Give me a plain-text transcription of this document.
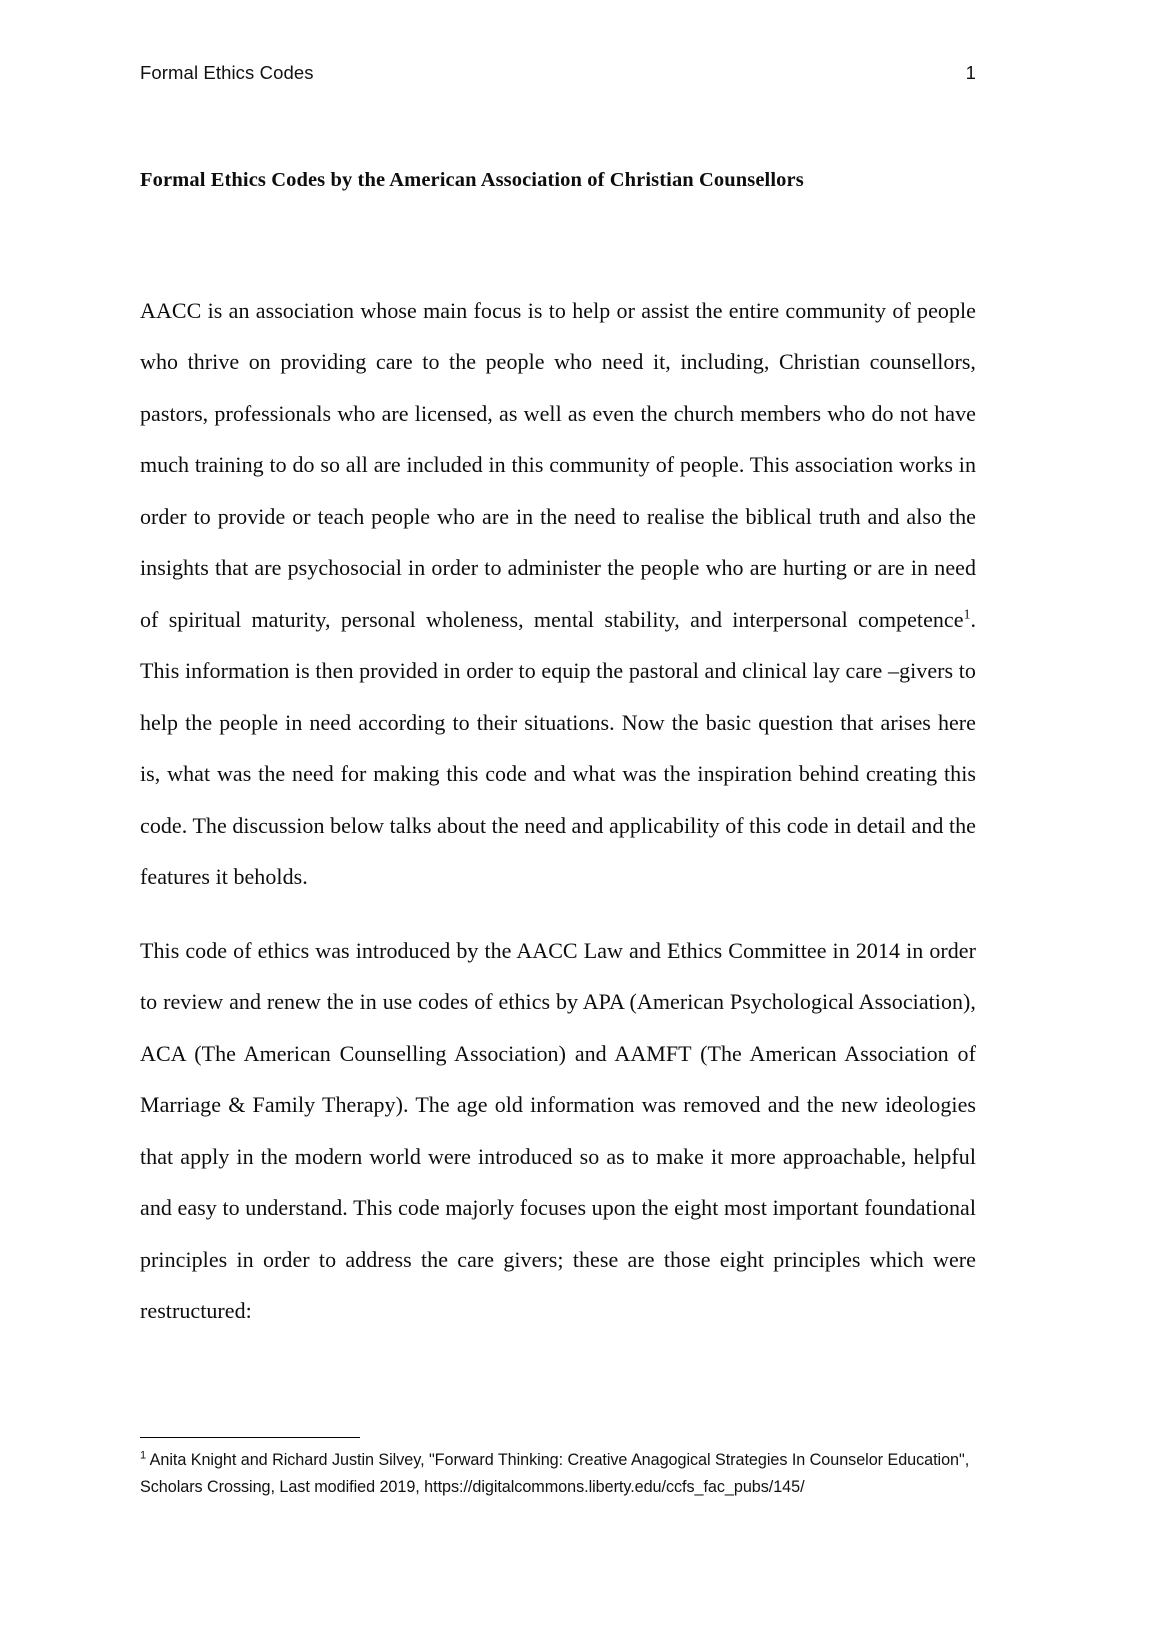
Formal Ethics Codes	1
Formal Ethics Codes by the American Association of Christian Counsellors

AACC is an association whose main focus is to help or assist the entire community of people who thrive on providing care to the people who need it, including, Christian counsellors, pastors, professionals who are licensed, as well as even the church members who do not have much training to do so all are included in this community of people. This association works in order to provide or teach people who are in the need to realise the biblical truth and also the insights that are psychosocial in order to administer the people who are hurting or are in need of spiritual maturity, personal wholeness, mental stability, and interpersonal competence$^1$. This information is then provided in order to equip the pastoral and clinical lay care –givers to help the people in need according to their situations. Now the basic question that arises here is, what was the need for making this code and what was the inspiration behind creating this code. The discussion below talks about the need and applicability of this code in detail and the features it beholds.

This code of ethics was introduced by the AACC Law and Ethics Committee in 2014 in order to review and renew the in use codes of ethics by APA (American Psychological Association), ACA (The American Counselling Association) and AAMFT (The American Association of Marriage & Family Therapy). The age old information was removed and the new ideologies that apply in the modern world were introduced so as to make it more approachable, helpful and easy to understand. This code majorly focuses upon the eight most important foundational principles in order to address the care givers; these are those eight principles which were restructured:

$^1$ Anita Knight and Richard Justin Silvey, "Forward Thinking: Creative Anagogical Strategies In Counselor Education", Scholars Crossing, Last modified 2019, https://digitalcommons.liberty.edu/ccfs_fac_pubs/145/
